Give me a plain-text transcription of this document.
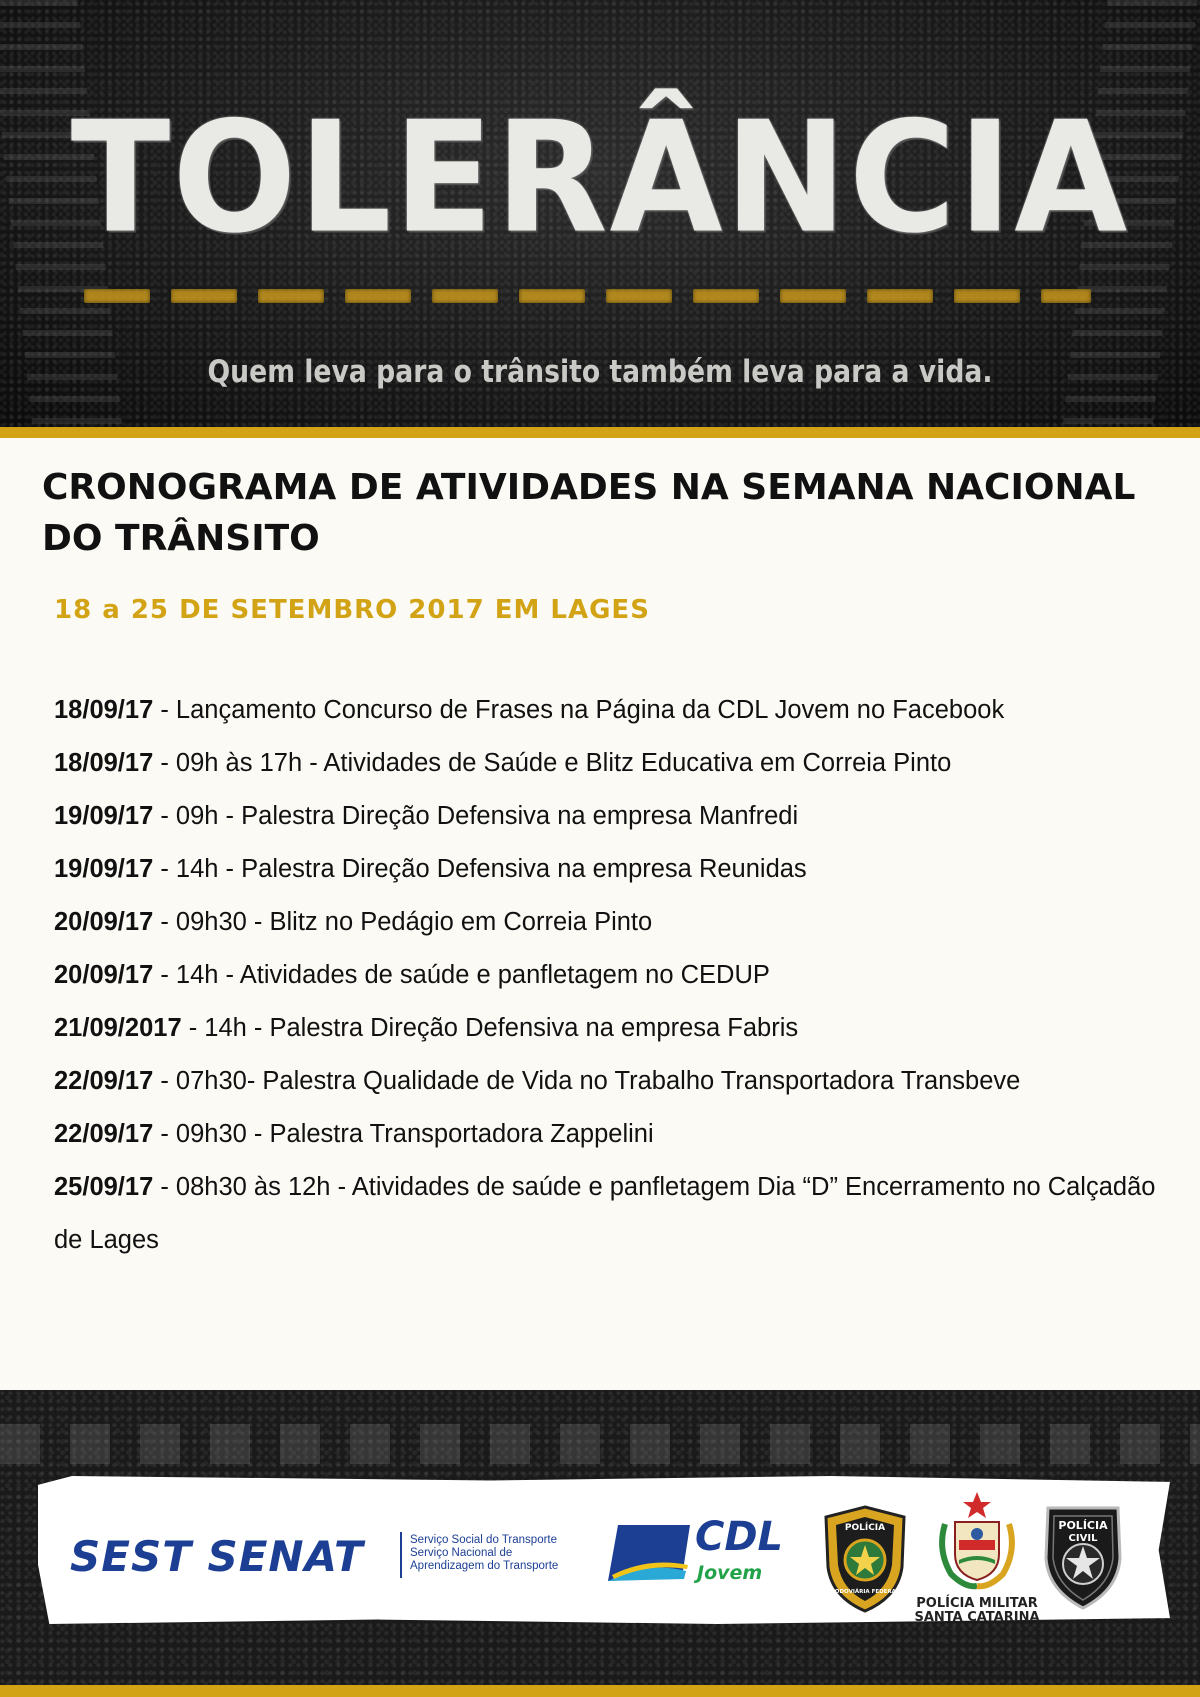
TOLERÂNCIA
Quem leva para o trânsito também leva para a vida.
CRONOGRAMA DE ATIVIDADES NA SEMANA NACIONAL DO TRÂNSITO
18 a 25 DE SETEMBRO 2017 EM LAGES
18/09/17 - Lançamento Concurso de Frases na Página da CDL Jovem no Facebook
18/09/17 - 09h às 17h - Atividades de Saúde e Blitz Educativa em Correia Pinto
19/09/17 - 09h - Palestra Direção Defensiva na empresa Manfredi
19/09/17 - 14h - Palestra Direção Defensiva na empresa Reunidas
20/09/17 - 09h30 - Blitz no Pedágio em Correia Pinto
20/09/17 - 14h - Atividades de saúde e panfletagem no CEDUP
21/09/2017 - 14h - Palestra Direção Defensiva na empresa Fabris
22/09/17 - 07h30- Palestra Qualidade de Vida no Trabalho Transportadora Transbeve
22/09/17 - 09h30 - Palestra Transportadora Zappelini
25/09/17 - 08h30 às 12h - Atividades de saúde e panfletagem Dia “D” Encerramento no Calçadão de Lages
SEST SENAT	Serviço Social do Transporte
Serviço Nacional de
Aprendizagem do Transporte
CDL
Jovem
POLÍCIA
RODOVIÁRIA FEDERAL
POLÍCIA MILITAR
SANTA CATARINA
POLÍCIA
CIVIL
